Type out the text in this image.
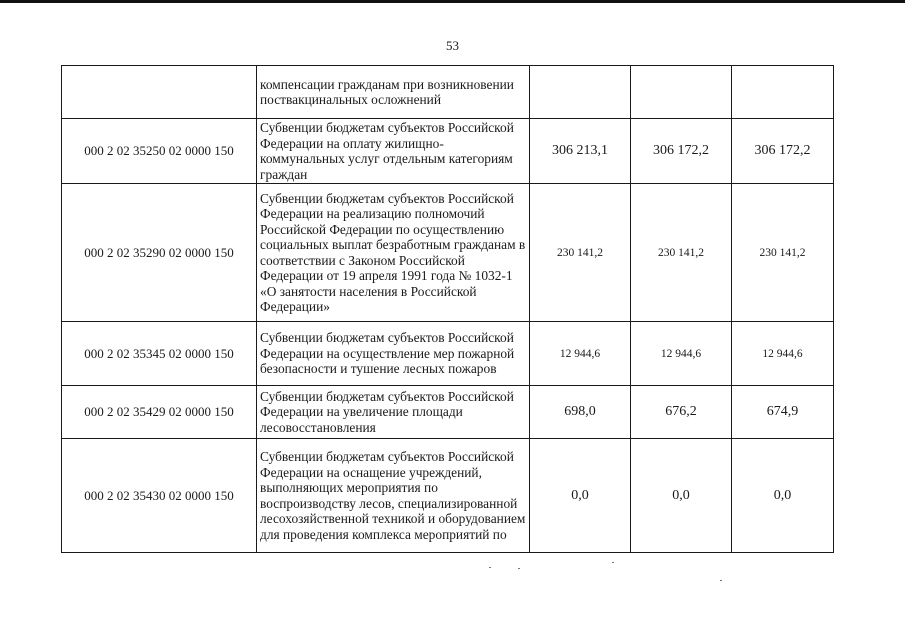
53
	компенсации гражданам при возникновении поствакцинальных осложнений			
000 2 02 35250 02 0000 150	Субвенции бюджетам субъектов Российской Федерации на оплату жилищно-коммунальных услуг отдельным категориям граждан	306 213,1	306 172,2	306 172,2
000 2 02 35290 02 0000 150	Субвенции бюджетам субъектов Российской Федерации на реализацию полномочий Российской Федерации по осуществлению социальных выплат безработным гражданам в соответствии с Законом Российской Федерации от 19 апреля 1991 года № 1032-1 «О занятости населения в Российской Федерации»	230 141,2	230 141,2	230 141,2
000 2 02 35345 02 0000 150	Субвенции бюджетам субъектов Российской Федерации на осуществление мер пожарной безопасности и тушение лесных пожаров	12 944,6	12 944,6	12 944,6
000 2 02 35429 02 0000 150	Субвенции бюджетам субъектов Российской Федерации на увеличение площади лесовосстановления	698,0	676,2	674,9
000 2 02 35430 02 0000 150	Субвенции бюджетам субъектов Российской Федерации на оснащение учреждений, выполняющих мероприятия по воспроизводству лесов, специализированной лесохозяйственной техникой и оборудованием для проведения комплекса мероприятий по	0,0	0,0	0,0
